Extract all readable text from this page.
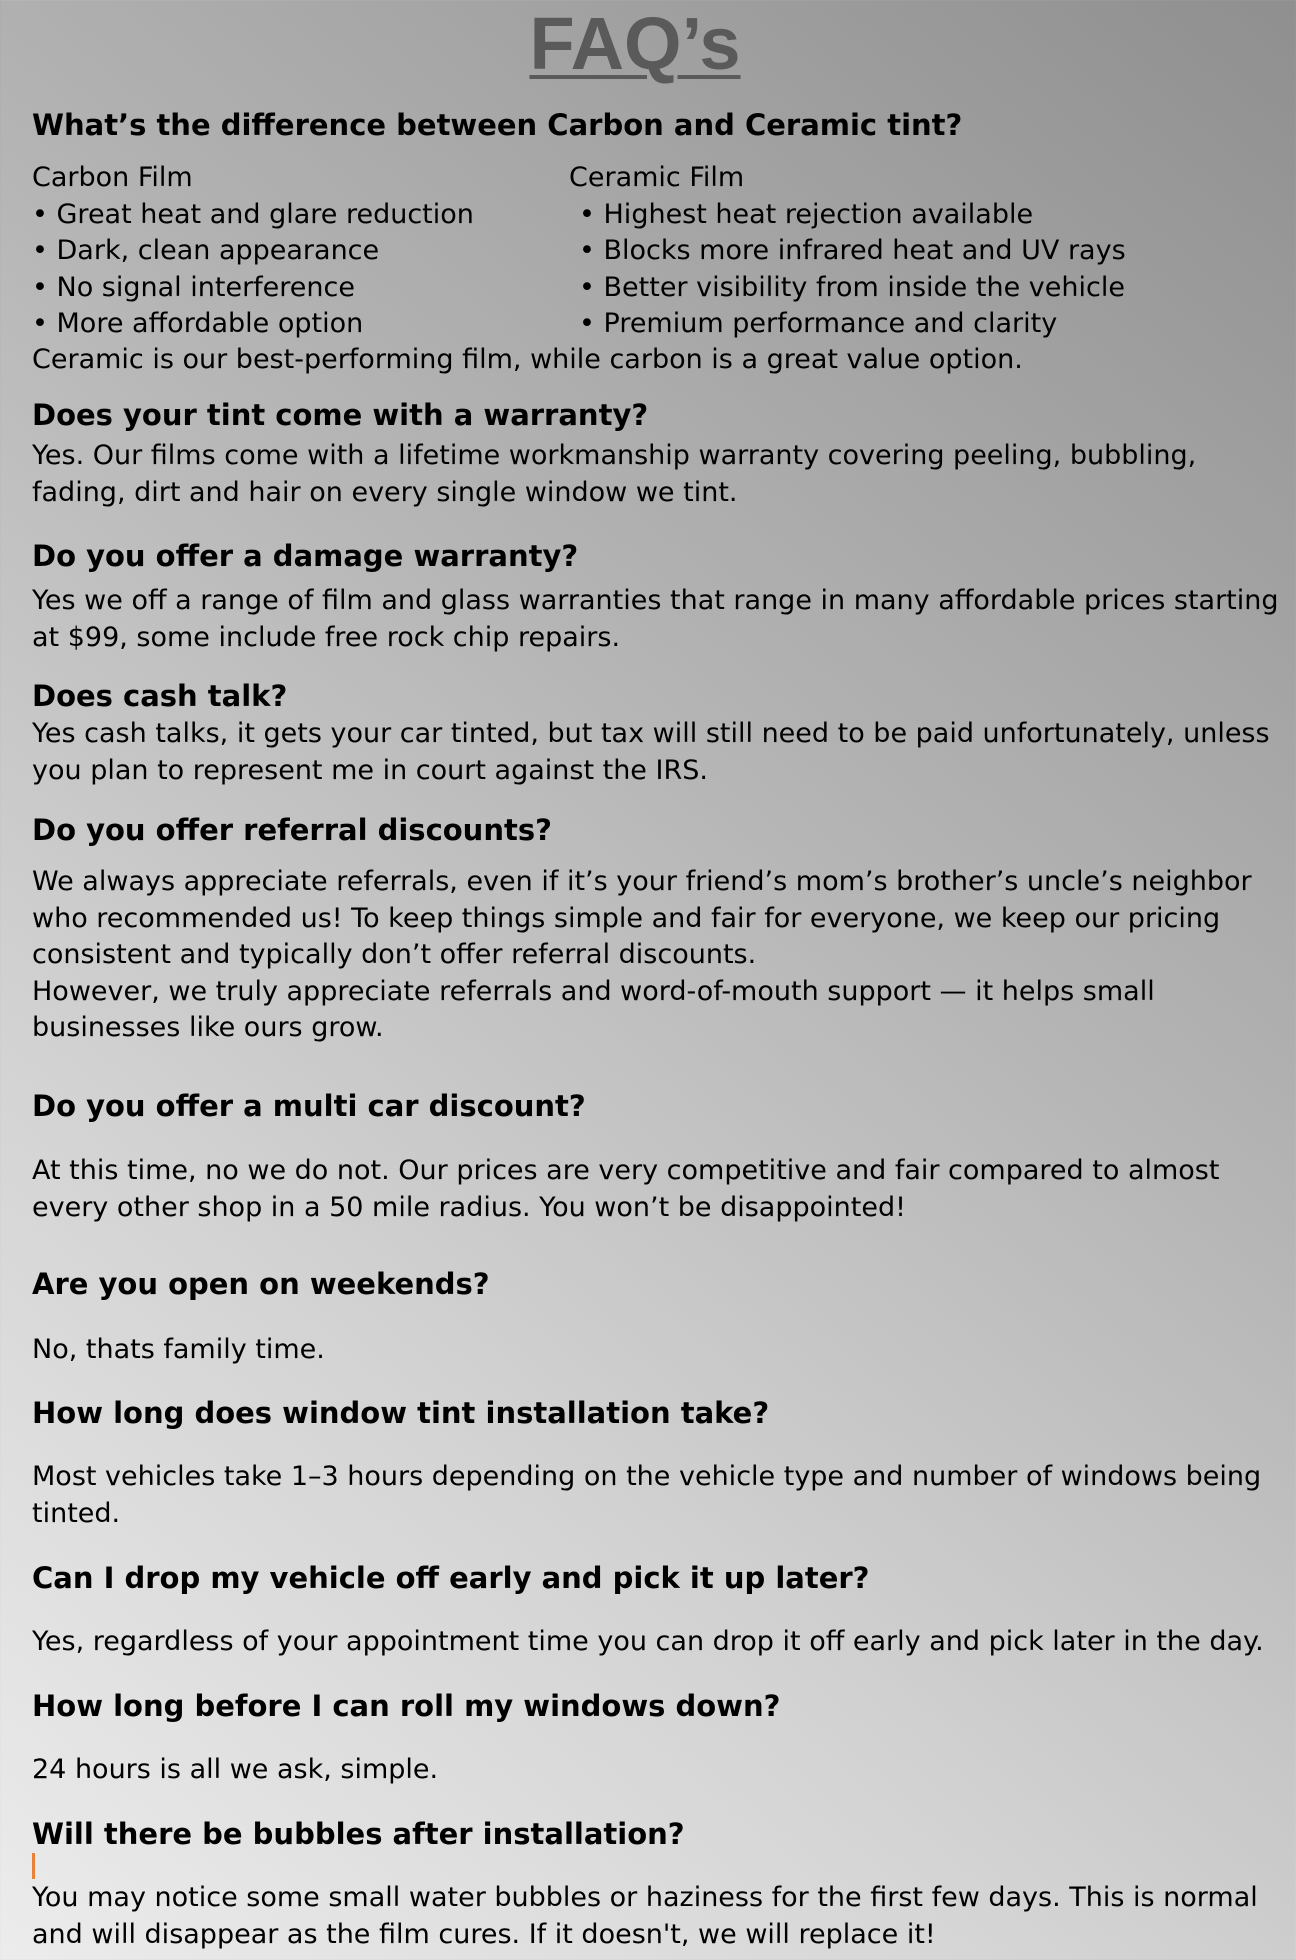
FAQ’s
What’s the difference between Carbon and Ceramic tint?
Carbon Film
• Great heat and glare reduction
• Dark, clean appearance
• No signal interference
• More affordable option
Ceramic Film
• Highest heat rejection available
• Blocks more infrared heat and UV rays
• Better visibility from inside the vehicle
• Premium performance and clarity
Ceramic is our best-performing film, while carbon is a great value option.
Does your tint come with a warranty?
Yes. Our films come with a lifetime workmanship warranty covering peeling, bubbling,
fading, dirt and hair on every single window we tint.
Do you offer a damage warranty?
Yes we off a range of film and glass warranties that range in many affordable prices starting
at $99, some include free rock chip repairs.
Does cash talk?
Yes cash talks, it gets your car tinted, but tax will still need to be paid unfortunately, unless
you plan to represent me in court against the IRS.
Do you offer referral discounts?
We always appreciate referrals, even if it’s your friend’s mom’s brother’s uncle’s neighbor
who recommended us! To keep things simple and fair for everyone, we keep our pricing
consistent and typically don’t offer referral discounts.
However, we truly appreciate referrals and word-of-mouth support — it helps small
businesses like ours grow.
Do you offer a multi car discount?
At this time, no we do not. Our prices are very competitive and fair compared to almost
every other shop in a 50 mile radius. You won’t be disappointed!
Are you open on weekends?
No, thats family time.
How long does window tint installation take?
Most vehicles take 1–3 hours depending on the vehicle type and number of windows being
tinted.
Can I drop my vehicle off early and pick it up later?
Yes, regardless of your appointment time you can drop it off early and pick later in the day.
How long before I can roll my windows down?
24 hours is all we ask, simple.
Will there be bubbles after installation?
You may notice some small water bubbles or haziness for the first few days. This is normal
and will disappear as the film cures. If it doesn't, we will replace it!
